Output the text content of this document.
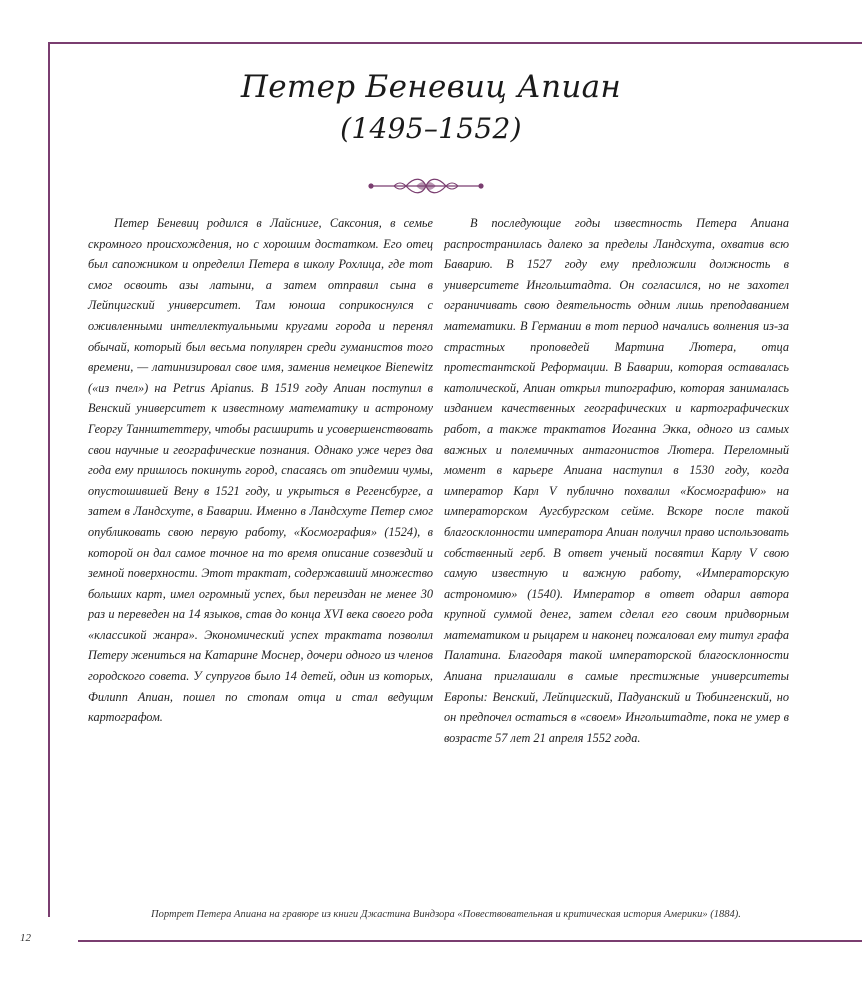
12
Петер Беневиц Апиан
(1495–1552)

Петер Беневиц родился в Лайсниге, Саксония, в семье скромного происхождения, но с хорошим достатком. Его отец был сапожником и определил Петера в школу Рохлица, где тот смог освоить азы латыни, а затем отправил сына в Лейпцигский университет. Там юноша соприкоснулся с оживленными интеллектуальными кругами города и перенял обычай, который был весьма популярен среди гуманистов того времени, — латинизировал свое имя, заменив немецкое Bienewitz («из пчел») на Petrus Apianus. В 1519 году Апиан поступил в Венский университет к известному математику и астроному Георгу Таннштеттеру, чтобы расширить и усовершенствовать свои научные и географические познания. Однако уже через два года ему пришлось покинуть город, спасаясь от эпидемии чумы, опустошившей Вену в 1521 году, и укрыться в Регенсбурге, а затем в Ландсхуте, в Баварии. Именно в Ландсхуте Петер смог опубликовать свою первую работу, «Космография» (1524), в которой он дал самое точное на то время описание созвездий и земной поверхности. Этот трактат, содержавший множество больших карт, имел огромный успех, был переиздан не менее 30 раз и переведен на 14 языков, став до конца XVI века своего рода «классикой жанра». Экономический успех трактата позволил Петеру жениться на Катарине Моснер, дочери одного из членов городского совета. У супругов было 14 детей, один из которых, Филипп Апиан, пошел по стопам отца и стал ведущим картографом.

В последующие годы известность Петера Апиана распространилась далеко за пределы Ландсхута, охватив всю Баварию. В 1527 году ему предложили должность в университете Ингольштадта. Он согласился, но не захотел ограничивать свою деятельность одним лишь преподаванием математики. В Германии в тот период начались волнения из-за страстных проповедей Мартина Лютера, отца протестантской Реформации. В Баварии, которая оставалась католической, Апиан открыл типографию, которая занималась изданием качественных географических и картографических работ, а также трактатов Иоганна Экка, одного из самых важных и полемичных антагонистов Лютера. Переломный момент в карьере Апиана наступил в 1530 году, когда император Карл V публично похвалил «Космографию» на императорском Аугсбургском сейме. Вскоре после такой благосклонности императора Апиан получил право использовать собственный герб. В ответ ученый посвятил Карлу V свою самую известную и важную работу, «Императорскую астрономию» (1540). Император в ответ одарил автора крупной суммой денег, затем сделал его своим придворным математиком и рыцарем и наконец пожаловал ему титул графа Палатина. Благодаря такой императорской благосклонности Апиана приглашали в самые престижные университеты Европы: Венский, Лейпцигский, Падуанский и Тюбингенский, но он предпочел остаться в «своем» Ингольштадте, пока не умер в возрасте 57 лет 21 апреля 1552 года.

Портрет Петера Апиана на гравюре из книги Джастина Виндзора «Повествовательная и критическая история Америки» (1884).
